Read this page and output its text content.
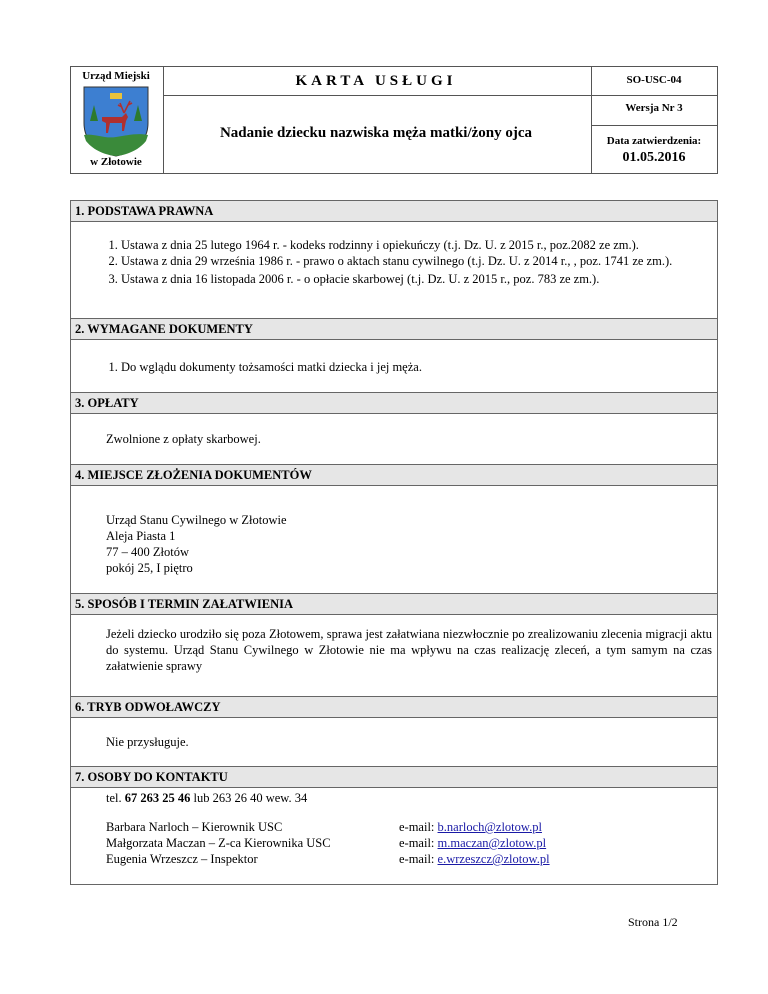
Urząd Miejski
w Złotowie
KARTA USŁUGI	SO-USC-04
Wersja Nr 3
Nadanie dziecku nazwiska męża matki/żony ojca	Data zatwierdzenia:
01.05.2016
1. PODSTAWA PRAWNA
1. Ustawa z dnia 25 lutego 1964 r. - kodeks rodzinny i opiekuńczy (t.j. Dz. U. z 2015 r., poz.2082 ze zm.).
2. Ustawa z dnia 29 września 1986 r. - prawo o aktach stanu cywilnego (t.j. Dz. U. z 2014 r., , poz. 1741 ze zm.).
3. Ustawa z dnia 16 listopada 2006 r. - o opłacie skarbowej (t.j. Dz. U. z 2015 r., poz. 783 ze zm.).
2. WYMAGANE DOKUMENTY
1. Do wglądu dokumenty tożsamości matki dziecka i jej męża.
3. OPŁATY
Zwolnione z opłaty skarbowej.
4. MIEJSCE ZŁOŻENIA DOKUMENTÓW
Urząd Stanu Cywilnego w Złotowie
Aleja Piasta 1
77 – 400 Złotów
pokój 25, I piętro
5. SPOSÓB I TERMIN ZAŁATWIENIA
Jeżeli dziecko urodziło się poza Złotowem, sprawa jest załatwiana niezwłocznie po zrealizowaniu zlecenia migracji aktu do systemu. Urząd Stanu Cywilnego w Złotowie nie ma wpływu na czas realizację zleceń, a tym samym na czas załatwienie sprawy
6. TRYB ODWOŁAWCZY
Nie przysługuje.
7. OSOBY DO KONTAKTU
tel. 67 263 25 46 lub 263 26 40 wew. 34
Barbara Narloch – Kierownik USC
Małgorzata Maczan – Z-ca Kierownika USC
Eugenia Wrzeszcz – Inspektor
e-mail: b.narloch@zlotow.pl
e-mail: m.maczan@zlotow.pl
e-mail: e.wrzeszcz@zlotow.pl
Strona 1/2
